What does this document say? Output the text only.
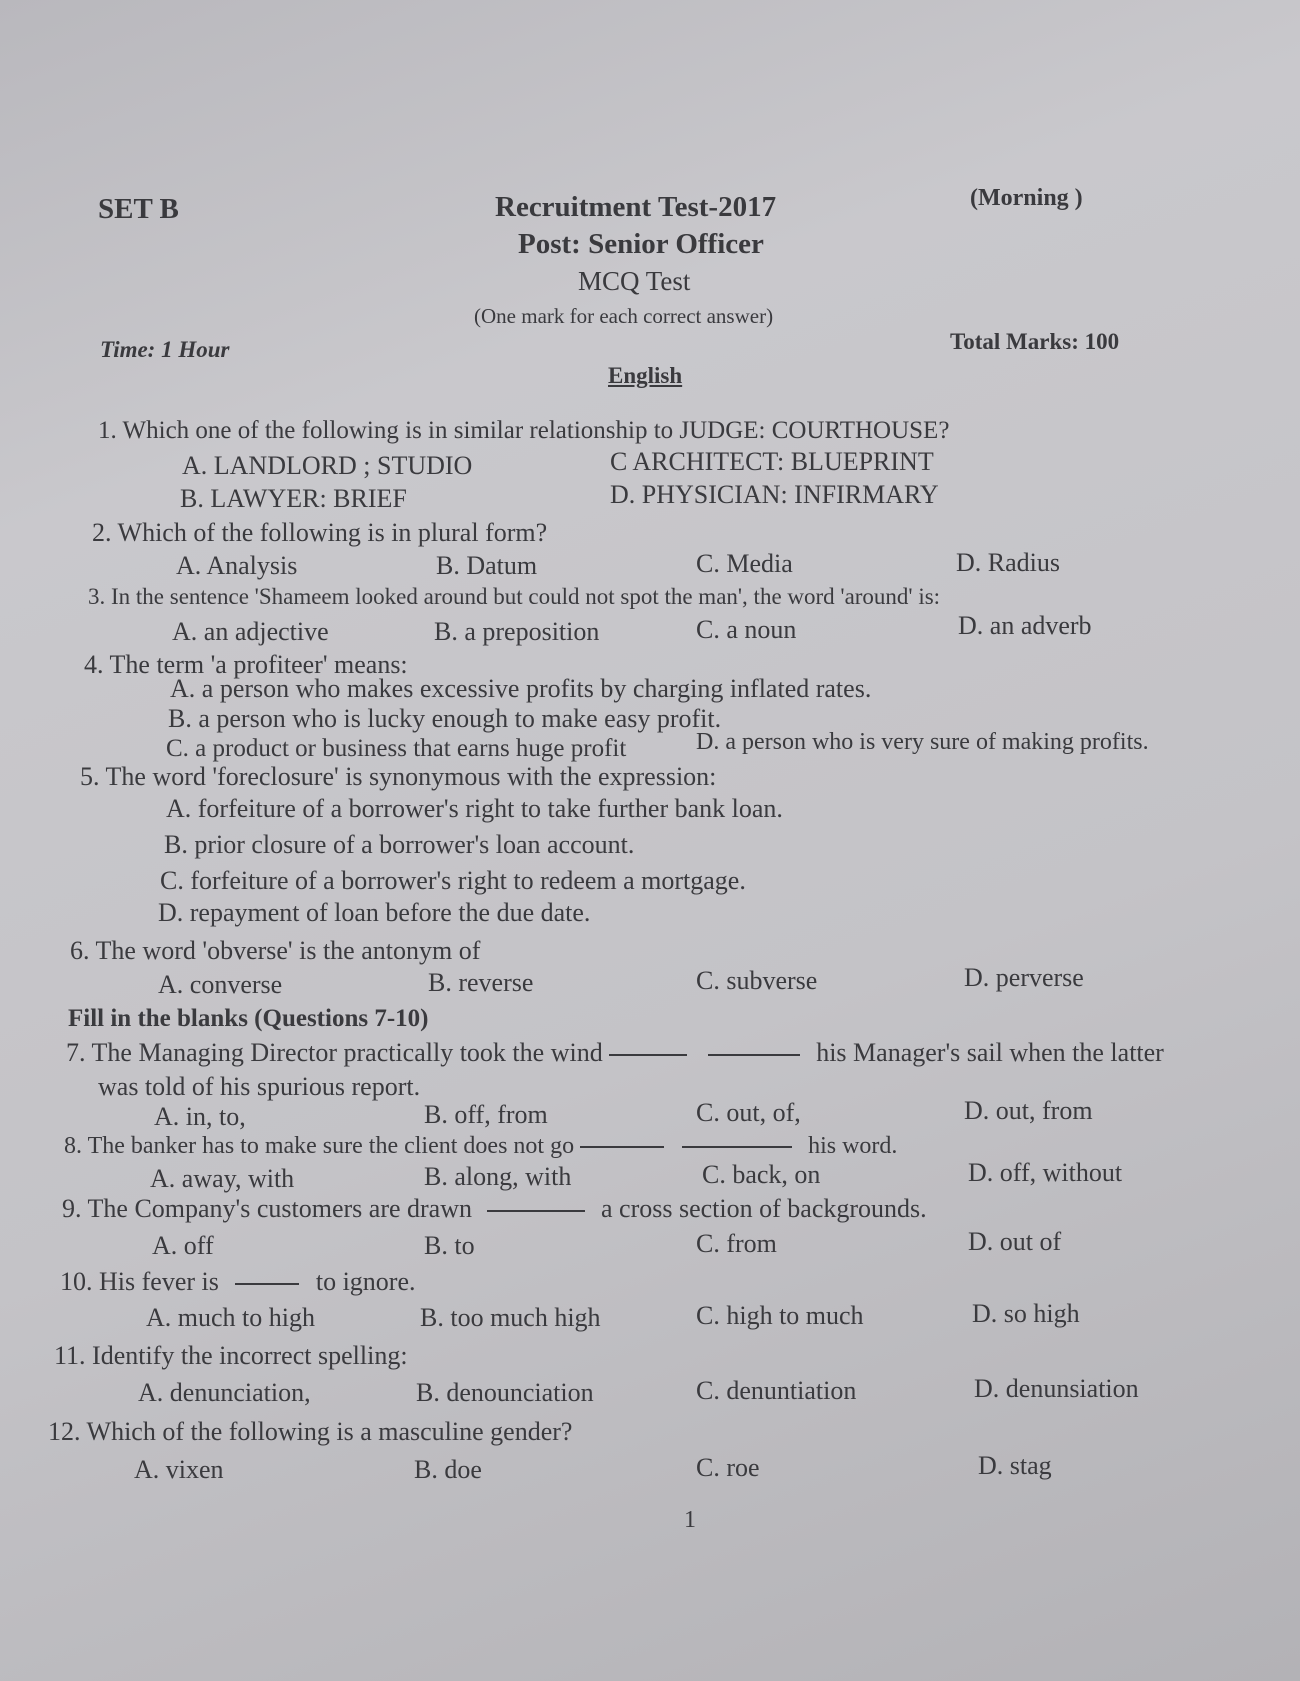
SET B	Recruitment Test-2017
Post: Senior Officer
MCQ Test
(One mark for each correct answer)
(Morning )
Time: 1 Hour	Total Marks: 100
English
1. Which one of the following is in similar relationship to JUDGE: COURTHOUSE?
A. LANDLORD ; STUDIO	C ARCHITECT: BLUEPRINT
B. LAWYER: BRIEF	D. PHYSICIAN: INFIRMARY
2. Which of the following is in plural form?
A. Analysis	B. Datum	C. Media	D. Radius
3. In the sentence 'Shameem looked around but could not spot the man', the word 'around' is:
A. an adjective	B. a preposition	C. a noun	D. an adverb
4. The term 'a profiteer' means:
A. a person who makes excessive profits by charging inflated rates.
B. a person who is lucky enough to make easy profit.
C. a product or business that earns huge profit	D. a person who is very sure of making profits.
5. The word 'foreclosure' is synonymous with the expression:
A. forfeiture of a borrower's right to take further bank loan.
B. prior closure of a borrower's loan account.
C. forfeiture of a borrower's right to redeem a mortgage.
D. repayment of loan before the due date.
6. The word 'obverse' is the antonym of
A. converse	B. reverse	C. subverse	D. perverse
Fill in the blanks (Questions 7-10)
7. The Managing Director practically took the wind	his Manager's sail when the latter
was told of his spurious report.
A. in, to,	B. off, from	C. out, of,	D. out, from
8. The banker has to make sure the client does not go	his word.
A. away, with	B. along, with	C. back, on	D. off, without
9. The Company's customers are drawn	a cross section of backgrounds.
A. off	B. to	C. from	D. out of
10. His fever is	to ignore.
A. much to high	B. too much high	C. high to much	D. so high
11. Identify the incorrect spelling:
A. denunciation,	B. denounciation	C. denuntiation	D. denunsiation
12. Which of the following is a masculine gender?
A. vixen	B. doe	C. roe	D. stag
1
